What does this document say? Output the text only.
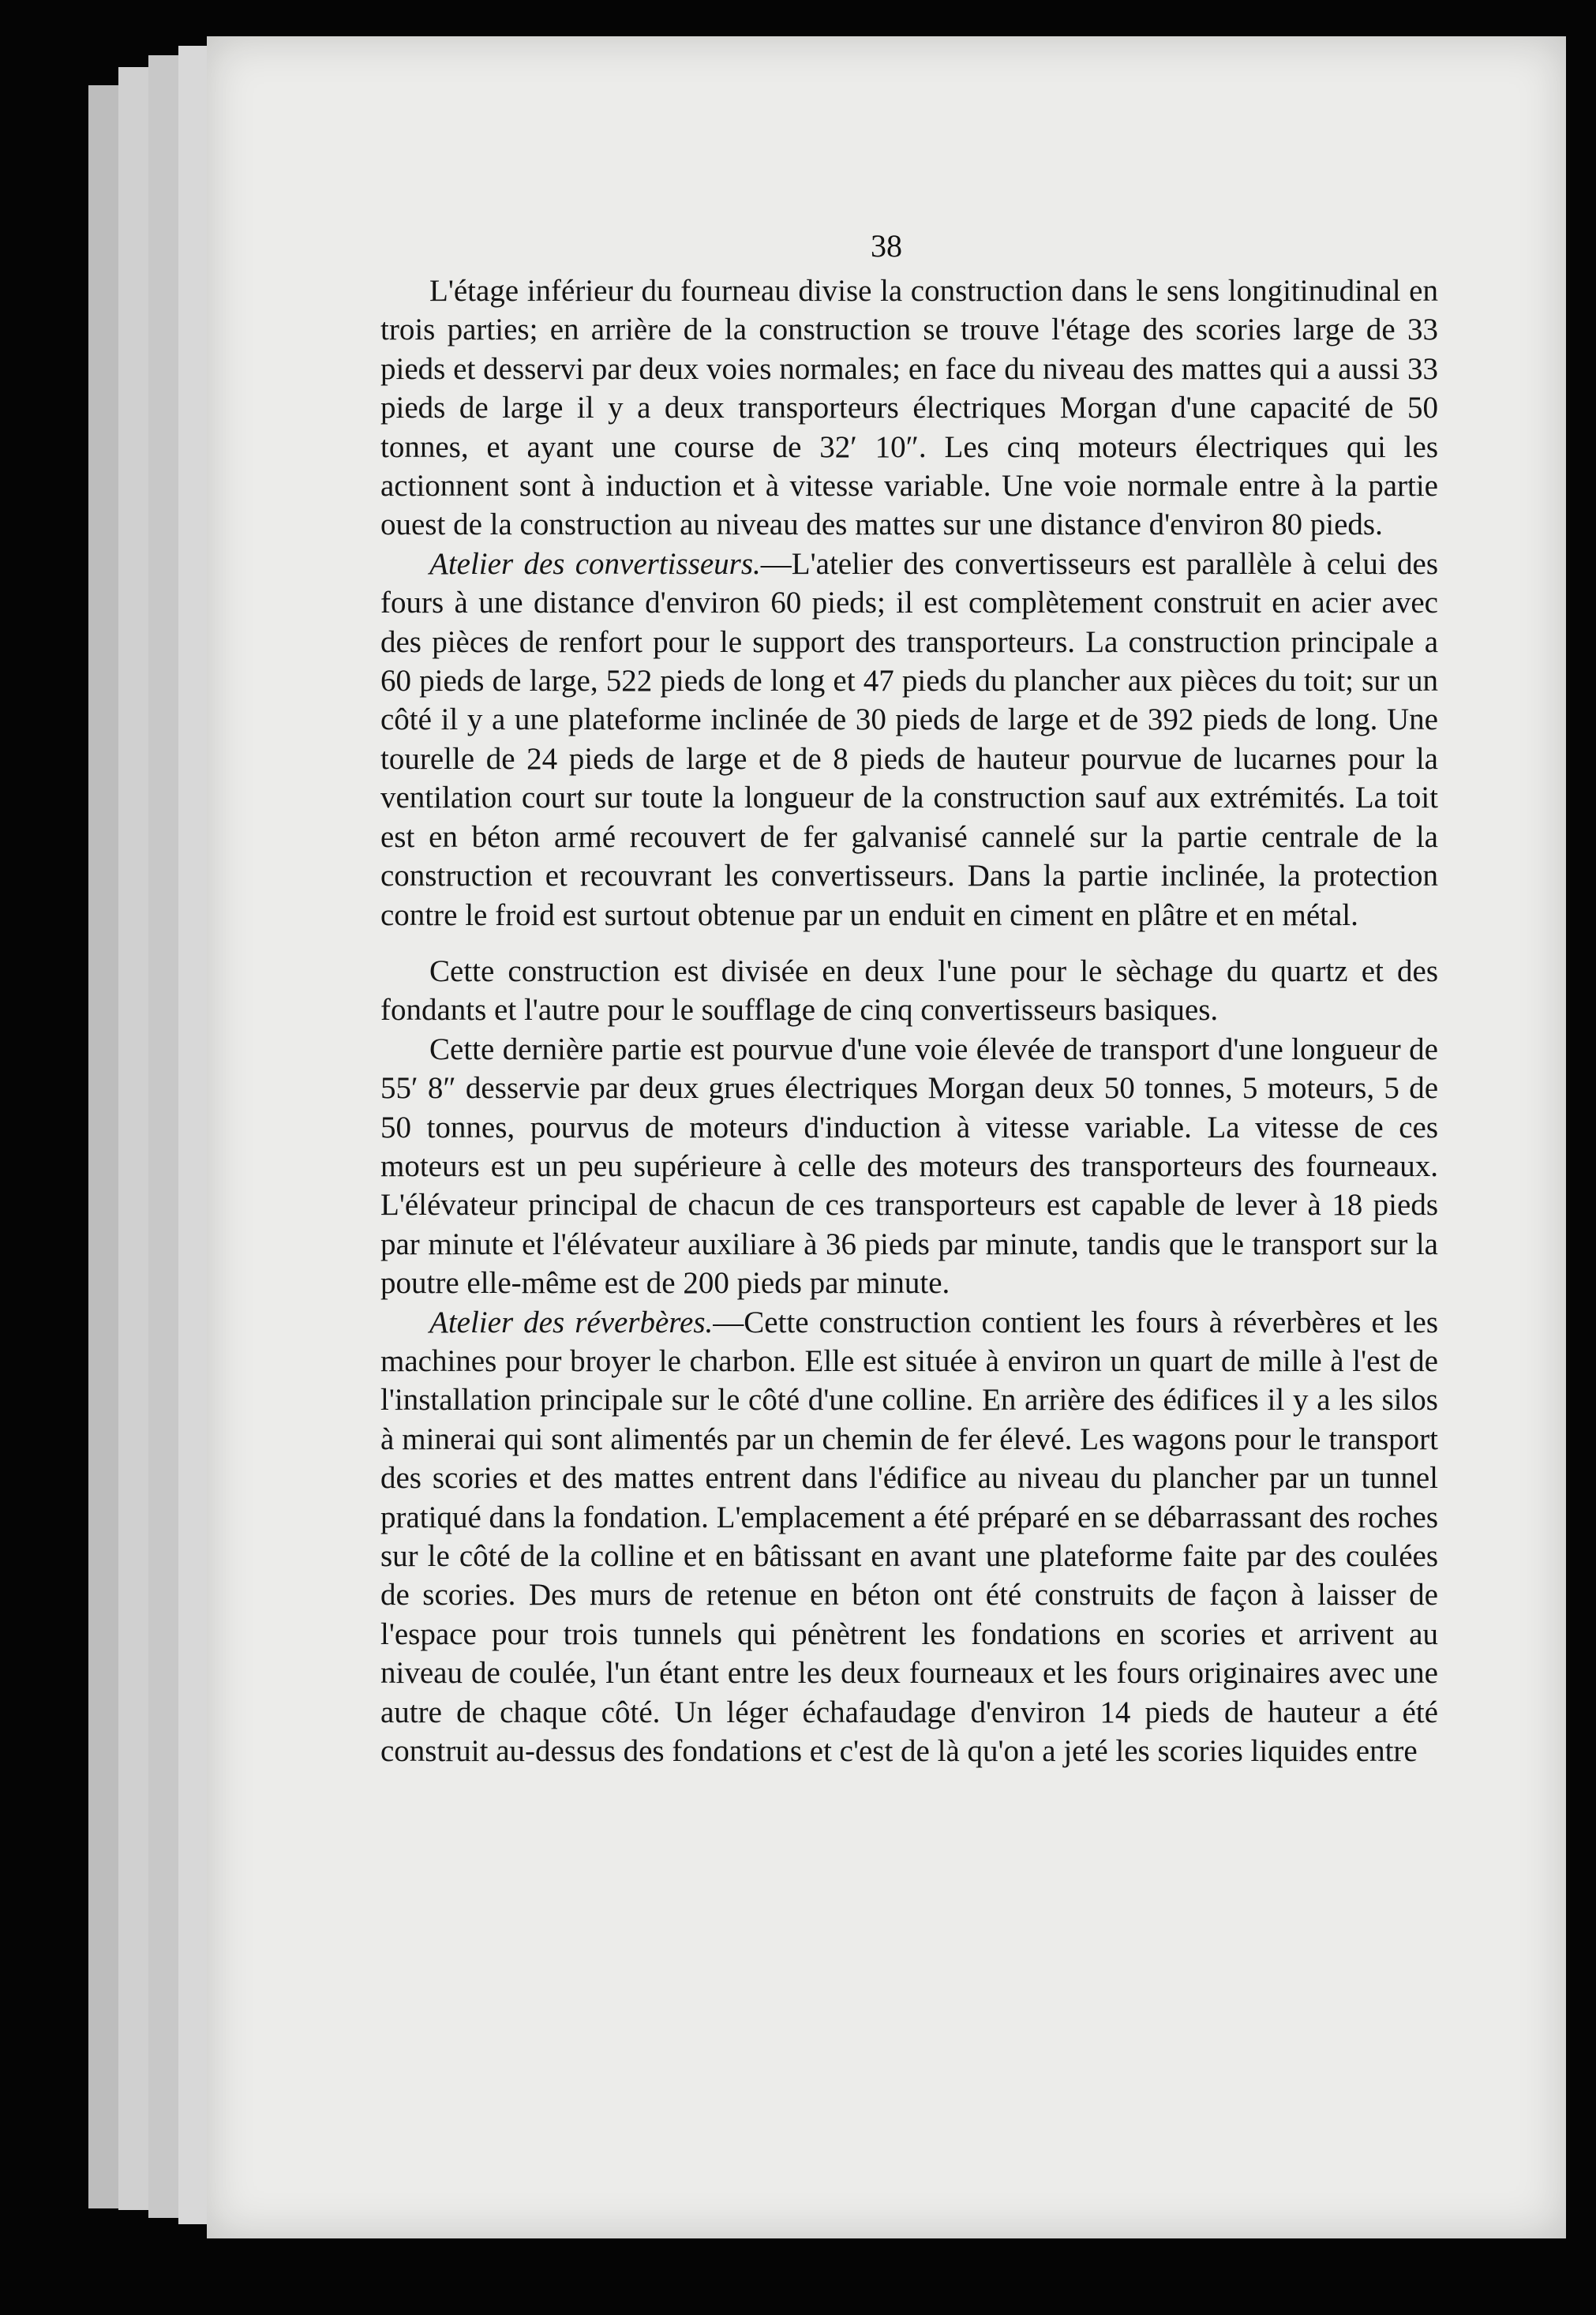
38

L'étage inférieur du fourneau divise la construction dans le sens longitinudinal en trois parties; en arrière de la construction se trouve l'étage des scories large de 33 pieds et desservi par deux voies normales; en face du niveau des mattes qui a aussi 33 pieds de large il y a deux transporteurs électriques Morgan d'une capacité de 50 tonnes, et ayant une course de 32′ 10″. Les cinq moteurs électriques qui les actionnent sont à induction et à vitesse variable. Une voie normale entre à la partie ouest de la construction au niveau des mattes sur une distance d'environ 80 pieds.

Atelier des convertisseurs.—L'atelier des convertisseurs est parallèle à celui des fours à une distance d'environ 60 pieds; il est complètement construit en acier avec des pièces de renfort pour le support des transporteurs. La construction principale a 60 pieds de large, 522 pieds de long et 47 pieds du plancher aux pièces du toit; sur un côté il y a une plateforme inclinée de 30 pieds de large et de 392 pieds de long. Une tourelle de 24 pieds de large et de 8 pieds de hauteur pourvue de lucarnes pour la ventilation court sur toute la longueur de la construction sauf aux extrémités. La toit est en béton armé recouvert de fer galvanisé cannelé sur la partie centrale de la construction et recouvrant les convertisseurs. Dans la partie inclinée, la protection contre le froid est surtout obtenue par un enduit en ciment en plâtre et en métal.

Cette construction est divisée en deux l'une pour le sèchage du quartz et des fondants et l'autre pour le soufflage de cinq convertisseurs basiques.

Cette dernière partie est pourvue d'une voie élevée de transport d'une longueur de 55′ 8″ desservie par deux grues électriques Morgan deux 50 tonnes, 5 moteurs, 5 de 50 tonnes, pourvus de moteurs d'induction à vitesse variable. La vitesse de ces moteurs est un peu supérieure à celle des moteurs des transporteurs des fourneaux. L'élévateur principal de chacun de ces transporteurs est capable de lever à 18 pieds par minute et l'élévateur auxiliare à 36 pieds par minute, tandis que le transport sur la poutre elle-même est de 200 pieds par minute.

Atelier des réverbères.—Cette construction contient les fours à réverbères et les machines pour broyer le charbon. Elle est située à environ un quart de mille à l'est de l'installation principale sur le côté d'une colline. En arrière des édifices il y a les silos à minerai qui sont alimentés par un chemin de fer élevé. Les wagons pour le transport des scories et des mattes entrent dans l'édifice au niveau du plancher par un tunnel pratiqué dans la fondation. L'emplacement a été préparé en se débarrassant des roches sur le côté de la colline et en bâtissant en avant une plateforme faite par des coulées de scories. Des murs de retenue en béton ont été construits de façon à laisser de l'espace pour trois tunnels qui pénètrent les fondations en scories et arrivent au niveau de coulée, l'un étant entre les deux fourneaux et les fours originaires avec une autre de chaque côté. Un léger échafaudage d'environ 14 pieds de hauteur a été construit au-dessus des fondations et c'est de là qu'on a jeté les scories liquides entre
